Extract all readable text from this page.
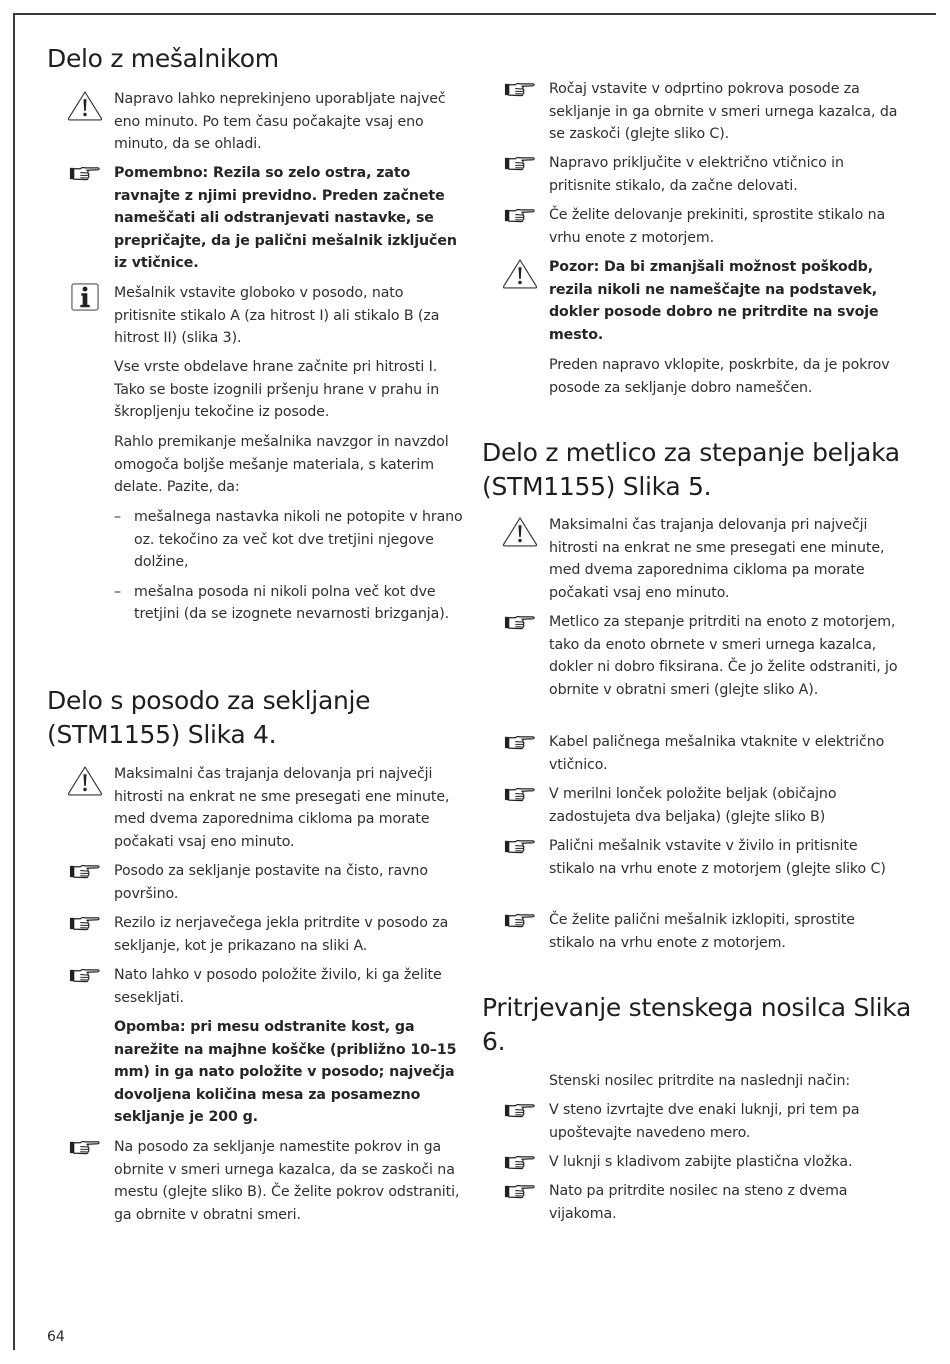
Delo z mešalnikom
Napravo lahko neprekinjeno uporabljate največ eno minuto. Po tem času počakajte vsaj eno minuto, da se ohladi.
Pomembno: Rezila so zelo ostra, zato ravnajte z njimi previdno. Preden začnete nameščati ali odstranjevati nastavke, se prepričajte, da je palični mešalnik izključen iz vtičnice.
Mešalnik vstavite globoko v posodo, nato pritisnite stikalo A (za hitrost I) ali stikalo B (za hitrost II) (slika 3).
Vse vrste obdelave hrane začnite pri hitrosti I. Tako se boste izognili pršenju hrane v prahu in škropljenju tekočine iz posode.
Rahlo premikanje mešalnika navzgor in navzdol omogoča boljše mešanje materiala, s katerim delate. Pazite, da:
– mešalnega nastavka nikoli ne potopite v hrano oz. tekočino za več kot dve tretjini njegove dolžine,
– mešalna posoda ni nikoli polna več kot dve tretjini (da se izognete nevarnosti brizganja).
Delo s posodo za sekljanje (STM1155) Slika 4.
Maksimalni čas trajanja delovanja pri največji hitrosti na enkrat ne sme presegati ene minute, med dvema zaporednima cikloma pa morate počakati vsaj eno minuto.
Posodo za sekljanje postavite na čisto, ravno površino.
Rezilo iz nerjavečega jekla pritrdite v posodo za sekljanje, kot je prikazano na sliki A.
Nato lahko v posodo položite živilo, ki ga želite sesekljati.
Opomba: pri mesu odstranite kost, ga narežite na majhne koščke (približno 10–15 mm) in ga nato položite v posodo; največja dovoljena količina mesa za posamezno sekljanje je 200 g.
Na posodo za sekljanje namestite pokrov in ga obrnite v smeri urnega kazalca, da se zaskoči na mestu (glejte sliko B). Če želite pokrov odstraniti, ga obrnite v obratni smeri.
Ročaj vstavite v odprtino pokrova posode za sekljanje in ga obrnite v smeri urnega kazalca, da se zaskoči (glejte sliko C).
Napravo priključite v električno vtičnico in pritisnite stikalo, da začne delovati.
Če želite delovanje prekiniti, sprostite stikalo na vrhu enote z motorjem.
Pozor: Da bi zmanjšali možnost poškodb, rezila nikoli ne nameščajte na podstavek, dokler posode dobro ne pritrdite na svoje mesto.
Preden napravo vklopite, poskrbite, da je pokrov posode za sekljanje dobro nameščen.
Delo z metlico za stepanje beljaka (STM1155) Slika 5.
Maksimalni čas trajanja delovanja pri največji hitrosti na enkrat ne sme presegati ene minute, med dvema zaporednima cikloma pa morate počakati vsaj eno minuto.
Metlico za stepanje pritrditi na enoto z motorjem, tako da enoto obrnete v smeri urnega kazalca, dokler ni dobro fiksirana. Če jo želite odstraniti, jo obrnite v obratni smeri (glejte sliko A).
Kabel paličnega mešalnika vtaknite v električno vtičnico.
V merilni lonček položite beljak (običajno zadostujeta dva beljaka) (glejte sliko B)
Palični mešalnik vstavite v živilo in pritisnite stikalo na vrhu enote z motorjem (glejte sliko C)
Če želite palični mešalnik izklopiti, sprostite stikalo na vrhu enote z motorjem.
Pritrjevanje stenskega nosilca Slika 6.
Stenski nosilec pritrdite na naslednji način:
V steno izvrtajte dve enaki luknji, pri tem pa upoštevajte navedeno mero.
V luknji s kladivom zabijte plastična vložka.
Nato pa pritrdite nosilec na steno z dvema vijakoma.
64
